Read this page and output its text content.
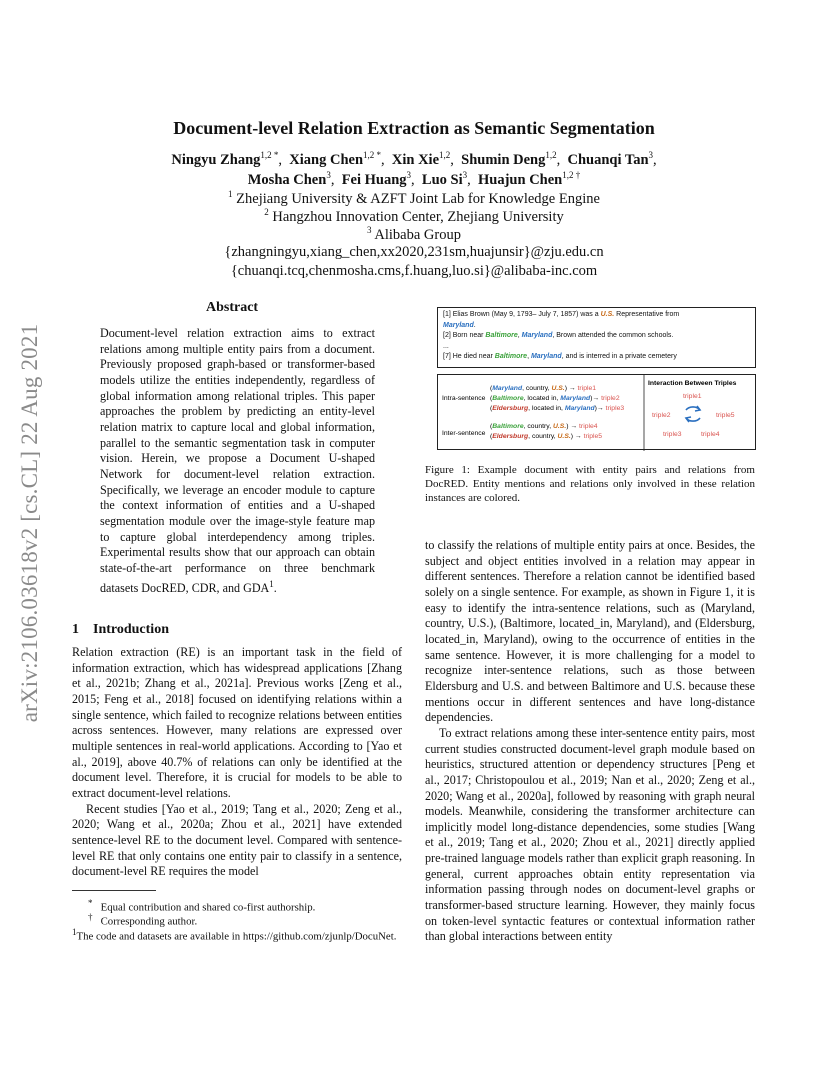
arXiv:2106.03618v2 [cs.CL] 22 Aug 2021
Document-level Relation Extraction as Semantic Segmentation
Ningyu Zhang$^{1,2 *}$,  Xiang Chen$^{1,2 *}$,  Xin Xie$^{1,2}$,  Shumin Deng$^{1,2}$,  Chuanqi Tan$^3$,
Mosha Chen$^3$,  Fei Huang$^3$,  Luo Si$^3$,  Huajun Chen$^{1,2 \dagger}$
$^1$ Zhejiang University & AZFT Joint Lab for Knowledge Engine
$^2$ Hangzhou Innovation Center, Zhejiang University
$^3$ Alibaba Group
{zhangningyu,xiang_chen,xx2020,231sm,huajunsir}@zju.edu.cn
{chuanqi.tcq,chenmosha.cms,f.huang,luo.si}@alibaba-inc.com
Abstract
Document-level relation extraction aims to extract relations among multiple entity pairs from a document. Previously proposed graph-based or transformer-based models utilize the entities independently, regardless of global information among relational triples. This paper approaches the problem by predicting an entity-level relation matrix to capture local and global information, parallel to the semantic segmentation task in computer vision. Herein, we propose a Document U-shaped Network for document-level relation extraction. Specifically, we leverage an encoder module to capture the context information of entities and a U-shaped segmentation module over the image-style feature map to capture global interdependency among triples. Experimental results show that our approach can obtain state-of-the-art performance on three benchmark datasets DocRED, CDR, and GDA$^1$.
1 Introduction

Relation extraction (RE) is an important task in the field of information extraction, which has widespread applications [Zhang et al., 2021b; Zhang et al., 2021a]. Previous works [Zeng et al., 2015; Feng et al., 2018] focused on identifying relations within a single sentence, which failed to recognize relations between entities across sentences. However, many relations are expressed over multiple sentences in real-world applications. According to [Yao et al., 2019], above 40.7% of relations can only be identified at the document level. Therefore, it is crucial for models to be able to extract document-level relations.

Recent studies [Yao et al., 2019; Tang et al., 2020; Zeng et al., 2020; Wang et al., 2020a; Zhou et al., 2021] have extended sentence-level RE to the document level. Compared with sentence-level RE that only contains one entity pair to classify in a sentence, document-level RE requires the model

* Equal contribution and shared co-first authorship.
† Corresponding author.
$^1$The code and datasets are available in https://github.com/zjunlp/DocuNet.
[1] Elias Brown (May 9, 1793– July 7, 1857) was a U.S. Representative from
Maryland.
[2] Born near Baltimore, Maryland, Brown attended the common schools.
...
[7] He died near Baltimore, Maryland, and is interred in a private cemetery
Intra-sentence
Inter-sentence
(Maryland, country, U.S.) → triple1
(Baltimore, located in, Maryland)→ triple2
(Eldersburg, located in, Maryland)→ triple3
(Baltimore, country, U.S.) → triple4
(Eldersburg, country, U.S.) → triple5
Interaction Between Triples
triple1
triple2	triple5
triple3	triple4
Figure 1: Example document with entity pairs and relations from DocRED. Entity mentions and relations only involved in these relation instances are colored.

to classify the relations of multiple entity pairs at once. Besides, the subject and object entities involved in a relation may appear in different sentences. Therefore a relation cannot be identified based solely on a single sentence. For example, as shown in Figure 1, it is easy to identify the intra-sentence relations, such as (Maryland, country, U.S.), (Baltimore, located_in, Maryland), and (Eldersburg, located_in, Maryland), owing to the occurrence of entities in the same sentence. However, it is more challenging for a model to recognize inter-sentence relations, such as those between Eldersburg and U.S. and between Baltimore and U.S. because these mentions occur in different sentences and have long-distance dependencies.

To extract relations among these inter-sentence entity pairs, most current studies constructed document-level graph module based on heuristics, structured attention or dependency structures [Peng et al., 2017; Christopoulou et al., 2019; Nan et al., 2020; Zeng et al., 2020; Wang et al., 2020a], followed by reasoning with graph neural models. Meanwhile, considering the transformer architecture can implicitly model long-distance dependencies, some studies [Wang et al., 2019; Tang et al., 2020; Zhou et al., 2021] directly applied pre-trained language models rather than explicit graph reasoning. In general, current approaches obtain entity representation via information passing through nodes on document-level graphs or transformer-based structure learning. However, they mainly focus on token-level syntactic features or contextual information rather than global interactions between entity
